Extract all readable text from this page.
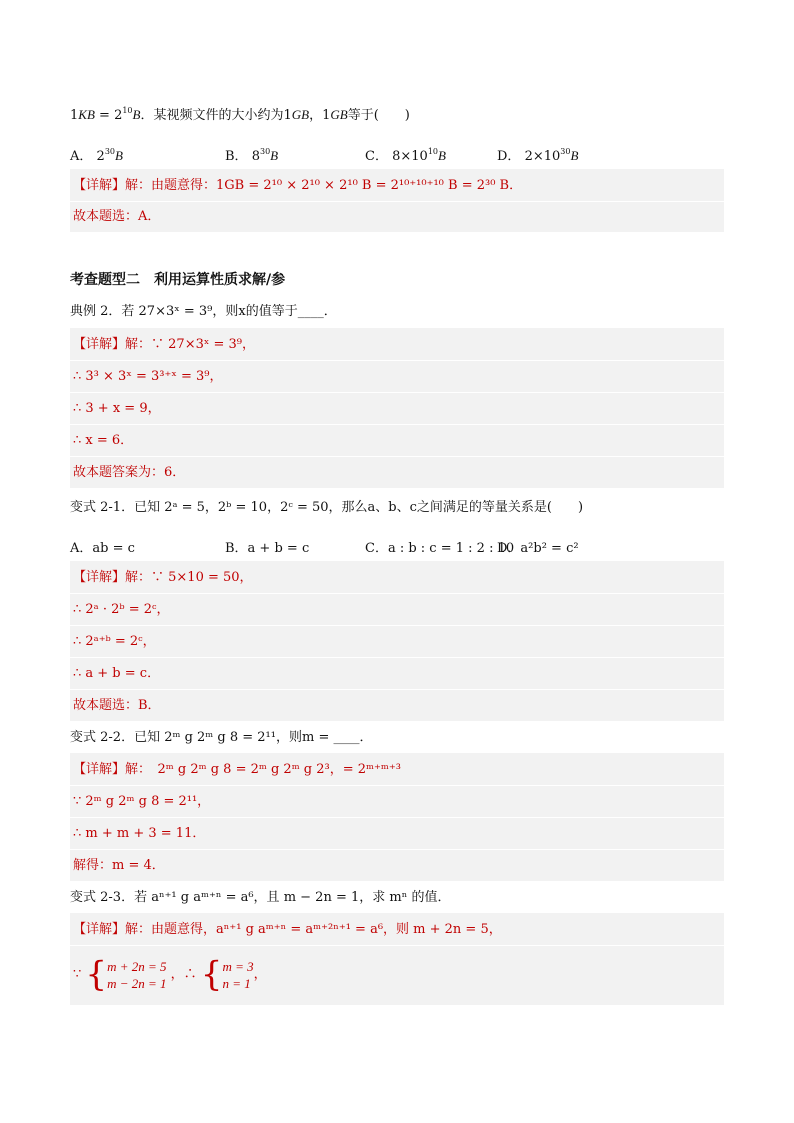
$1KB = 2^{10}B$．某视频文件的大小约为1GB，1GB等于(　　)
A． $2^{30}B$	B． $8^{30}B$	C． $8\times 10^{10}B$	D． $2\times 10^{30}B$
【详解】解：由题意得：1GB = 2¹⁰ × 2¹⁰ × 2¹⁰ B = 2¹⁰⁺¹⁰⁺¹⁰ B = 2³⁰ B．
故本题选：A．
考查题型二　利用运算性质求解/参
典例 2．若 27×3ˣ = 3⁹，则x的值等于____．
【详解】解：∵ 27×3ˣ = 3⁹，
∴ 3³ × 3ˣ = 3³⁺ˣ = 3⁹，
∴ 3 + x = 9，
∴ x = 6．
故本题答案为：6．
变式 2-1．已知 2ᵃ = 5，2ᵇ = 10，2ᶜ = 50，那么a、b、c之间满足的等量关系是(　　)
A．ab = c	B．a + b = c	C．a : b : c = 1 : 2 : 10
D．a²b² = c²
【详解】解：∵ 5×10 = 50，
∴ 2ᵃ · 2ᵇ = 2ᶜ，
∴ 2ᵃ⁺ᵇ = 2ᶜ，
∴ a + b = c．
故本题选：B．
变式 2-2．已知 2ᵐ g 2ᵐ g 8 = 2¹¹，则m = ____．
【详解】解：　2ᵐ g 2ᵐ g 8 = 2ᵐ g 2ᵐ g 2³，= 2ᵐ⁺ᵐ⁺³
∵ 2ᵐ g 2ᵐ g 8 = 2¹¹，
∴ m + m + 3 = 11．
解得：m = 4．
变式 2-3．若 aⁿ⁺¹ g aᵐ⁺ⁿ = a⁶，且 m − 2n = 1，求 mⁿ 的值．
【详解】解：由题意得，aⁿ⁺¹ g aᵐ⁺ⁿ = aᵐ⁺²ⁿ⁺¹ = a⁶，则 m + 2n = 5，
∵ {m + 2n = 5
m − 2n = 1 ，∴ {m = 3
n = 1，
